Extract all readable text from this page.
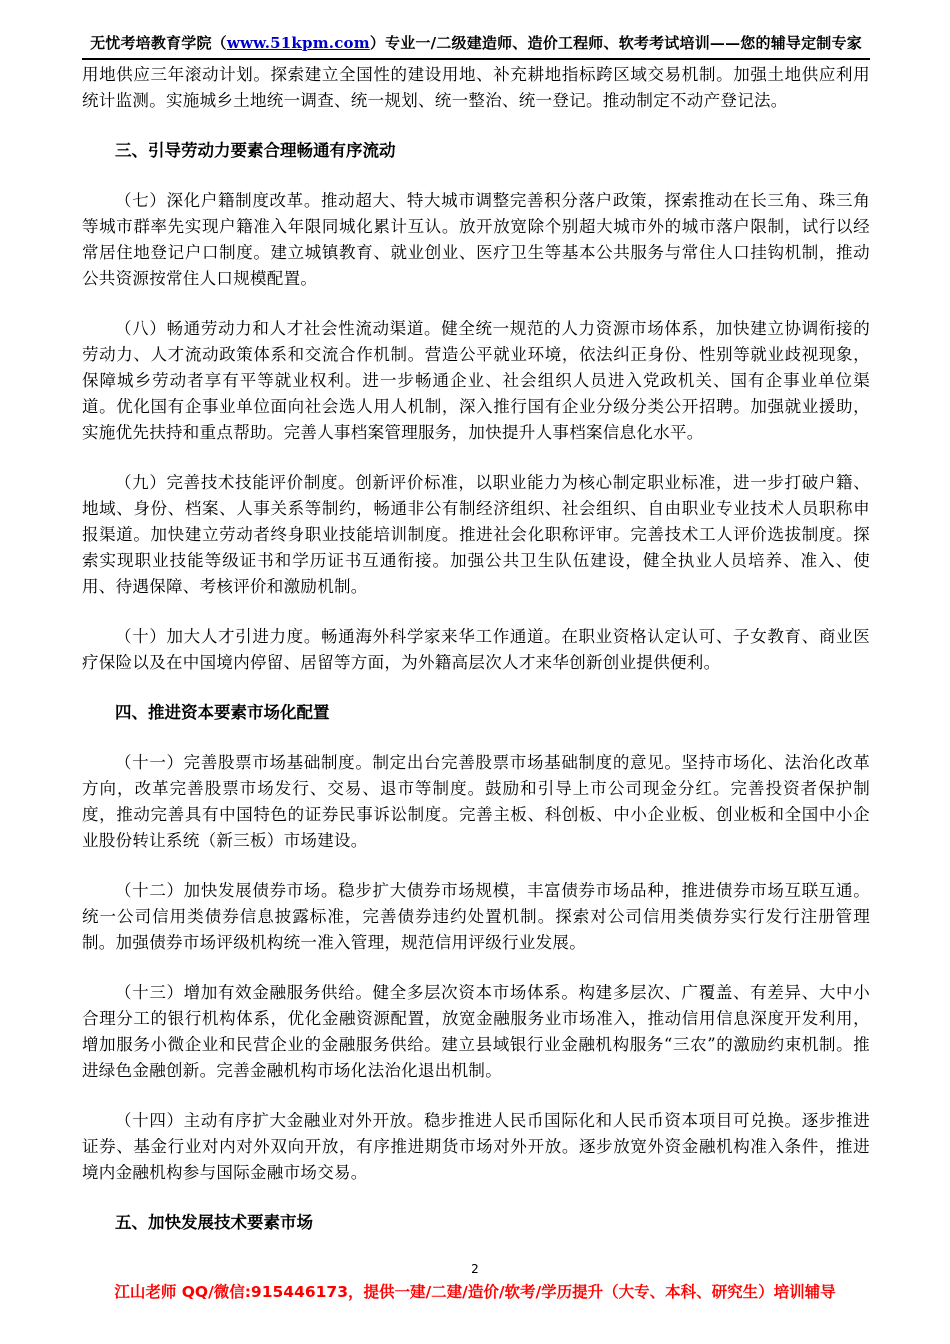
无忧考培教育学院（www.51kpm.com）专业一/二级建造师、造价工程师、软考考试培训——您的辅导定制专家

用地供应三年滚动计划。探索建立全国性的建设用地、补充耕地指标跨区域交易机制。加强土地供应利用统计监测。实施城乡土地统一调查、统一规划、统一整治、统一登记。推动制定不动产登记法。

三、引导劳动力要素合理畅通有序流动

（七）深化户籍制度改革。推动超大、特大城市调整完善积分落户政策，探索推动在长三角、珠三角等城市群率先实现户籍准入年限同城化累计互认。放开放宽除个别超大城市外的城市落户限制，试行以经常居住地登记户口制度。建立城镇教育、就业创业、医疗卫生等基本公共服务与常住人口挂钩机制，推动公共资源按常住人口规模配置。

（八）畅通劳动力和人才社会性流动渠道。健全统一规范的人力资源市场体系，加快建立协调衔接的劳动力、人才流动政策体系和交流合作机制。营造公平就业环境，依法纠正身份、性别等就业歧视现象，保障城乡劳动者享有平等就业权利。进一步畅通企业、社会组织人员进入党政机关、国有企事业单位渠道。优化国有企事业单位面向社会选人用人机制，深入推行国有企业分级分类公开招聘。加强就业援助，实施优先扶持和重点帮助。完善人事档案管理服务，加快提升人事档案信息化水平。

（九）完善技术技能评价制度。创新评价标准，以职业能力为核心制定职业标准，进一步打破户籍、地域、身份、档案、人事关系等制约，畅通非公有制经济组织、社会组织、自由职业专业技术人员职称申报渠道。加快建立劳动者终身职业技能培训制度。推进社会化职称评审。完善技术工人评价选拔制度。探索实现职业技能等级证书和学历证书互通衔接。加强公共卫生队伍建设，健全执业人员培养、准入、使用、待遇保障、考核评价和激励机制。

（十）加大人才引进力度。畅通海外科学家来华工作通道。在职业资格认定认可、子女教育、商业医疗保险以及在中国境内停留、居留等方面，为外籍高层次人才来华创新创业提供便利。

四、推进资本要素市场化配置

（十一）完善股票市场基础制度。制定出台完善股票市场基础制度的意见。坚持市场化、法治化改革方向，改革完善股票市场发行、交易、退市等制度。鼓励和引导上市公司现金分红。完善投资者保护制度，推动完善具有中国特色的证券民事诉讼制度。完善主板、科创板、中小企业板、创业板和全国中小企业股份转让系统（新三板）市场建设。

（十二）加快发展债券市场。稳步扩大债券市场规模，丰富债券市场品种，推进债券市场互联互通。统一公司信用类债券信息披露标准，完善债券违约处置机制。探索对公司信用类债券实行发行注册管理制。加强债券市场评级机构统一准入管理，规范信用评级行业发展。

（十三）增加有效金融服务供给。健全多层次资本市场体系。构建多层次、广覆盖、有差异、大中小合理分工的银行机构体系，优化金融资源配置，放宽金融服务业市场准入，推动信用信息深度开发利用，增加服务小微企业和民营企业的金融服务供给。建立县域银行业金融机构服务“三农”的激励约束机制。推进绿色金融创新。完善金融机构市场化法治化退出机制。

（十四）主动有序扩大金融业对外开放。稳步推进人民币国际化和人民币资本项目可兑换。逐步推进证券、基金行业对内对外双向开放，有序推进期货市场对外开放。逐步放宽外资金融机构准入条件，推进境内金融机构参与国际金融市场交易。

五、加快发展技术要素市场

2
江山老师 QQ/微信:915446173，提供一建/二建/造价/软考/学历提升（大专、本科、研究生）培训辅导
